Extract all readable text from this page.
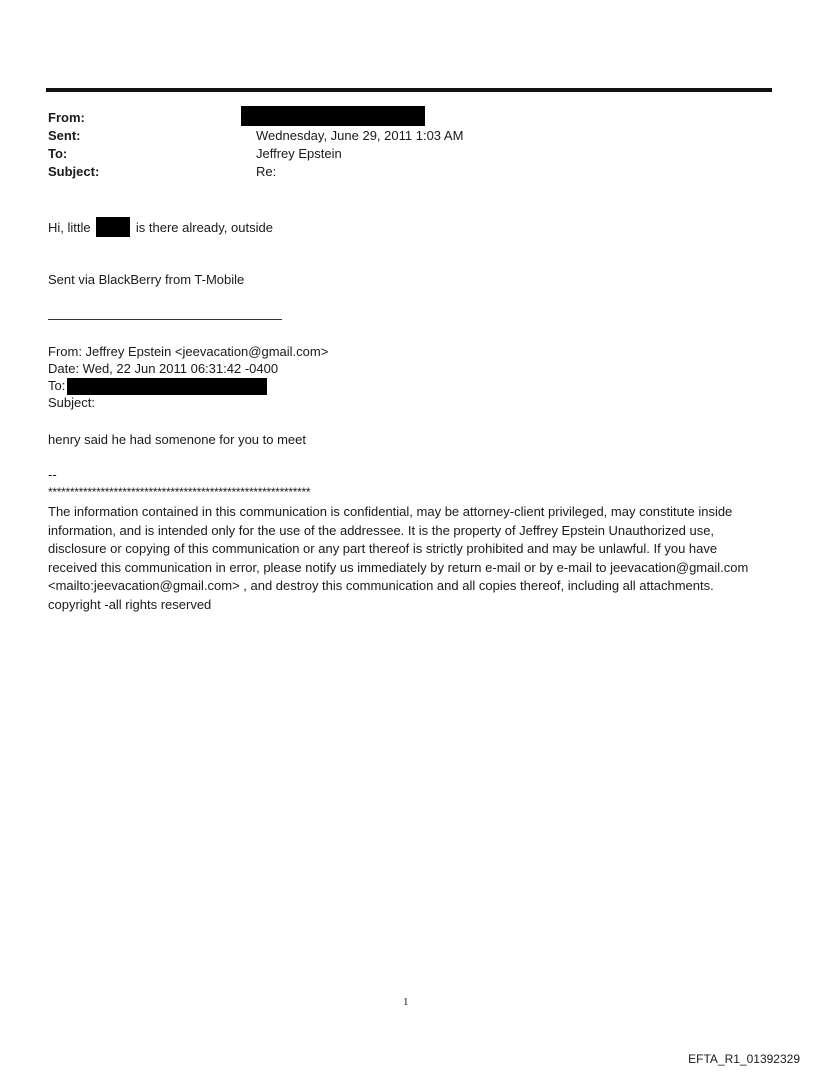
From:
Sent:	Wednesday, June 29, 2011 1:03 AM
To:	Jeffrey Epstein
Subject:	Re:
Hi, little	is there already, outside
Sent via BlackBerry from T-Mobile
From: Jeffrey Epstein <jeevacation@gmail.com>
Date: Wed, 22 Jun 2011 06:31:42 -0400
To:
Subject:
henry said he had somenone for you to meet
--
************************************************************
The information contained in this communication is confidential, may be attorney-client privileged, may constitute inside information, and is intended only for the use of the addressee. It is the property of Jeffrey Epstein Unauthorized use, disclosure or copying of this communication or any part thereof is strictly prohibited and may be unlawful. If you have received this communication in error, please notify us immediately by return e-mail or by e-mail to jeevacation@gmail.com <mailto:jeevacation@gmail.com> , and destroy this communication and all copies thereof, including all attachments. copyright -all rights reserved
1
EFTA_R1_01392329
